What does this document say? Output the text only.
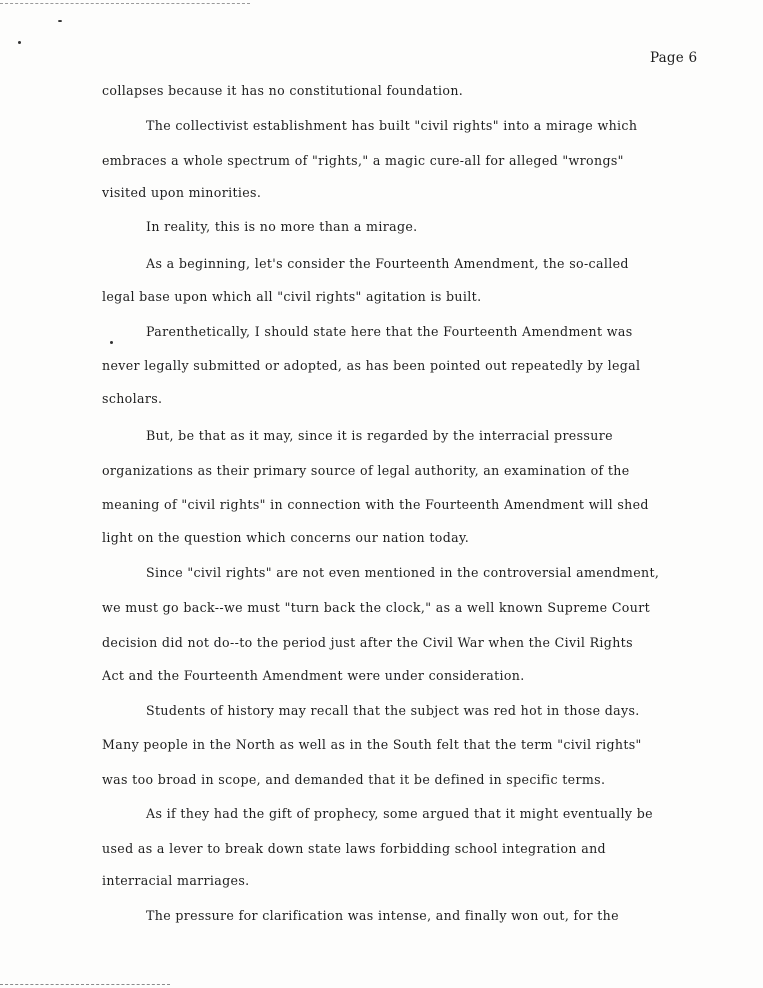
Page 6
collapses because it has no constitutional foundation.
The collectivist establishment has built "civil rights" into a mirage which
embraces a whole spectrum of "rights," a magic cure-all for alleged "wrongs"
visited upon minorities.
In reality, this is no more than a mirage.
As a beginning, let's consider the Fourteenth Amendment, the so-called
legal base upon which all "civil rights" agitation is built.
Parenthetically, I should state here that the Fourteenth Amendment was
never legally submitted or adopted, as has been pointed out repeatedly by legal
scholars.
But, be that as it may, since it is regarded by the interracial pressure
organizations as their primary source of legal authority, an examination of the
meaning of "civil rights" in connection with the Fourteenth Amendment will shed
light on the question which concerns our nation today.
Since "civil rights" are not even mentioned in the controversial amendment,
we must go back--we must "turn back the clock," as a well known Supreme Court
decision did not do--to the period just after the Civil War when the Civil Rights
Act and the Fourteenth Amendment were under consideration.
Students of history may recall that the subject was red hot in those days.
Many people in the North as well as in the South felt that the term "civil rights"
was too broad in scope, and demanded that it be defined in specific terms.
As if they had the gift of prophecy, some argued that it might eventually be
used as a lever to break down state laws forbidding school integration and
interracial marriages.
The pressure for clarification was intense, and finally won out, for the
